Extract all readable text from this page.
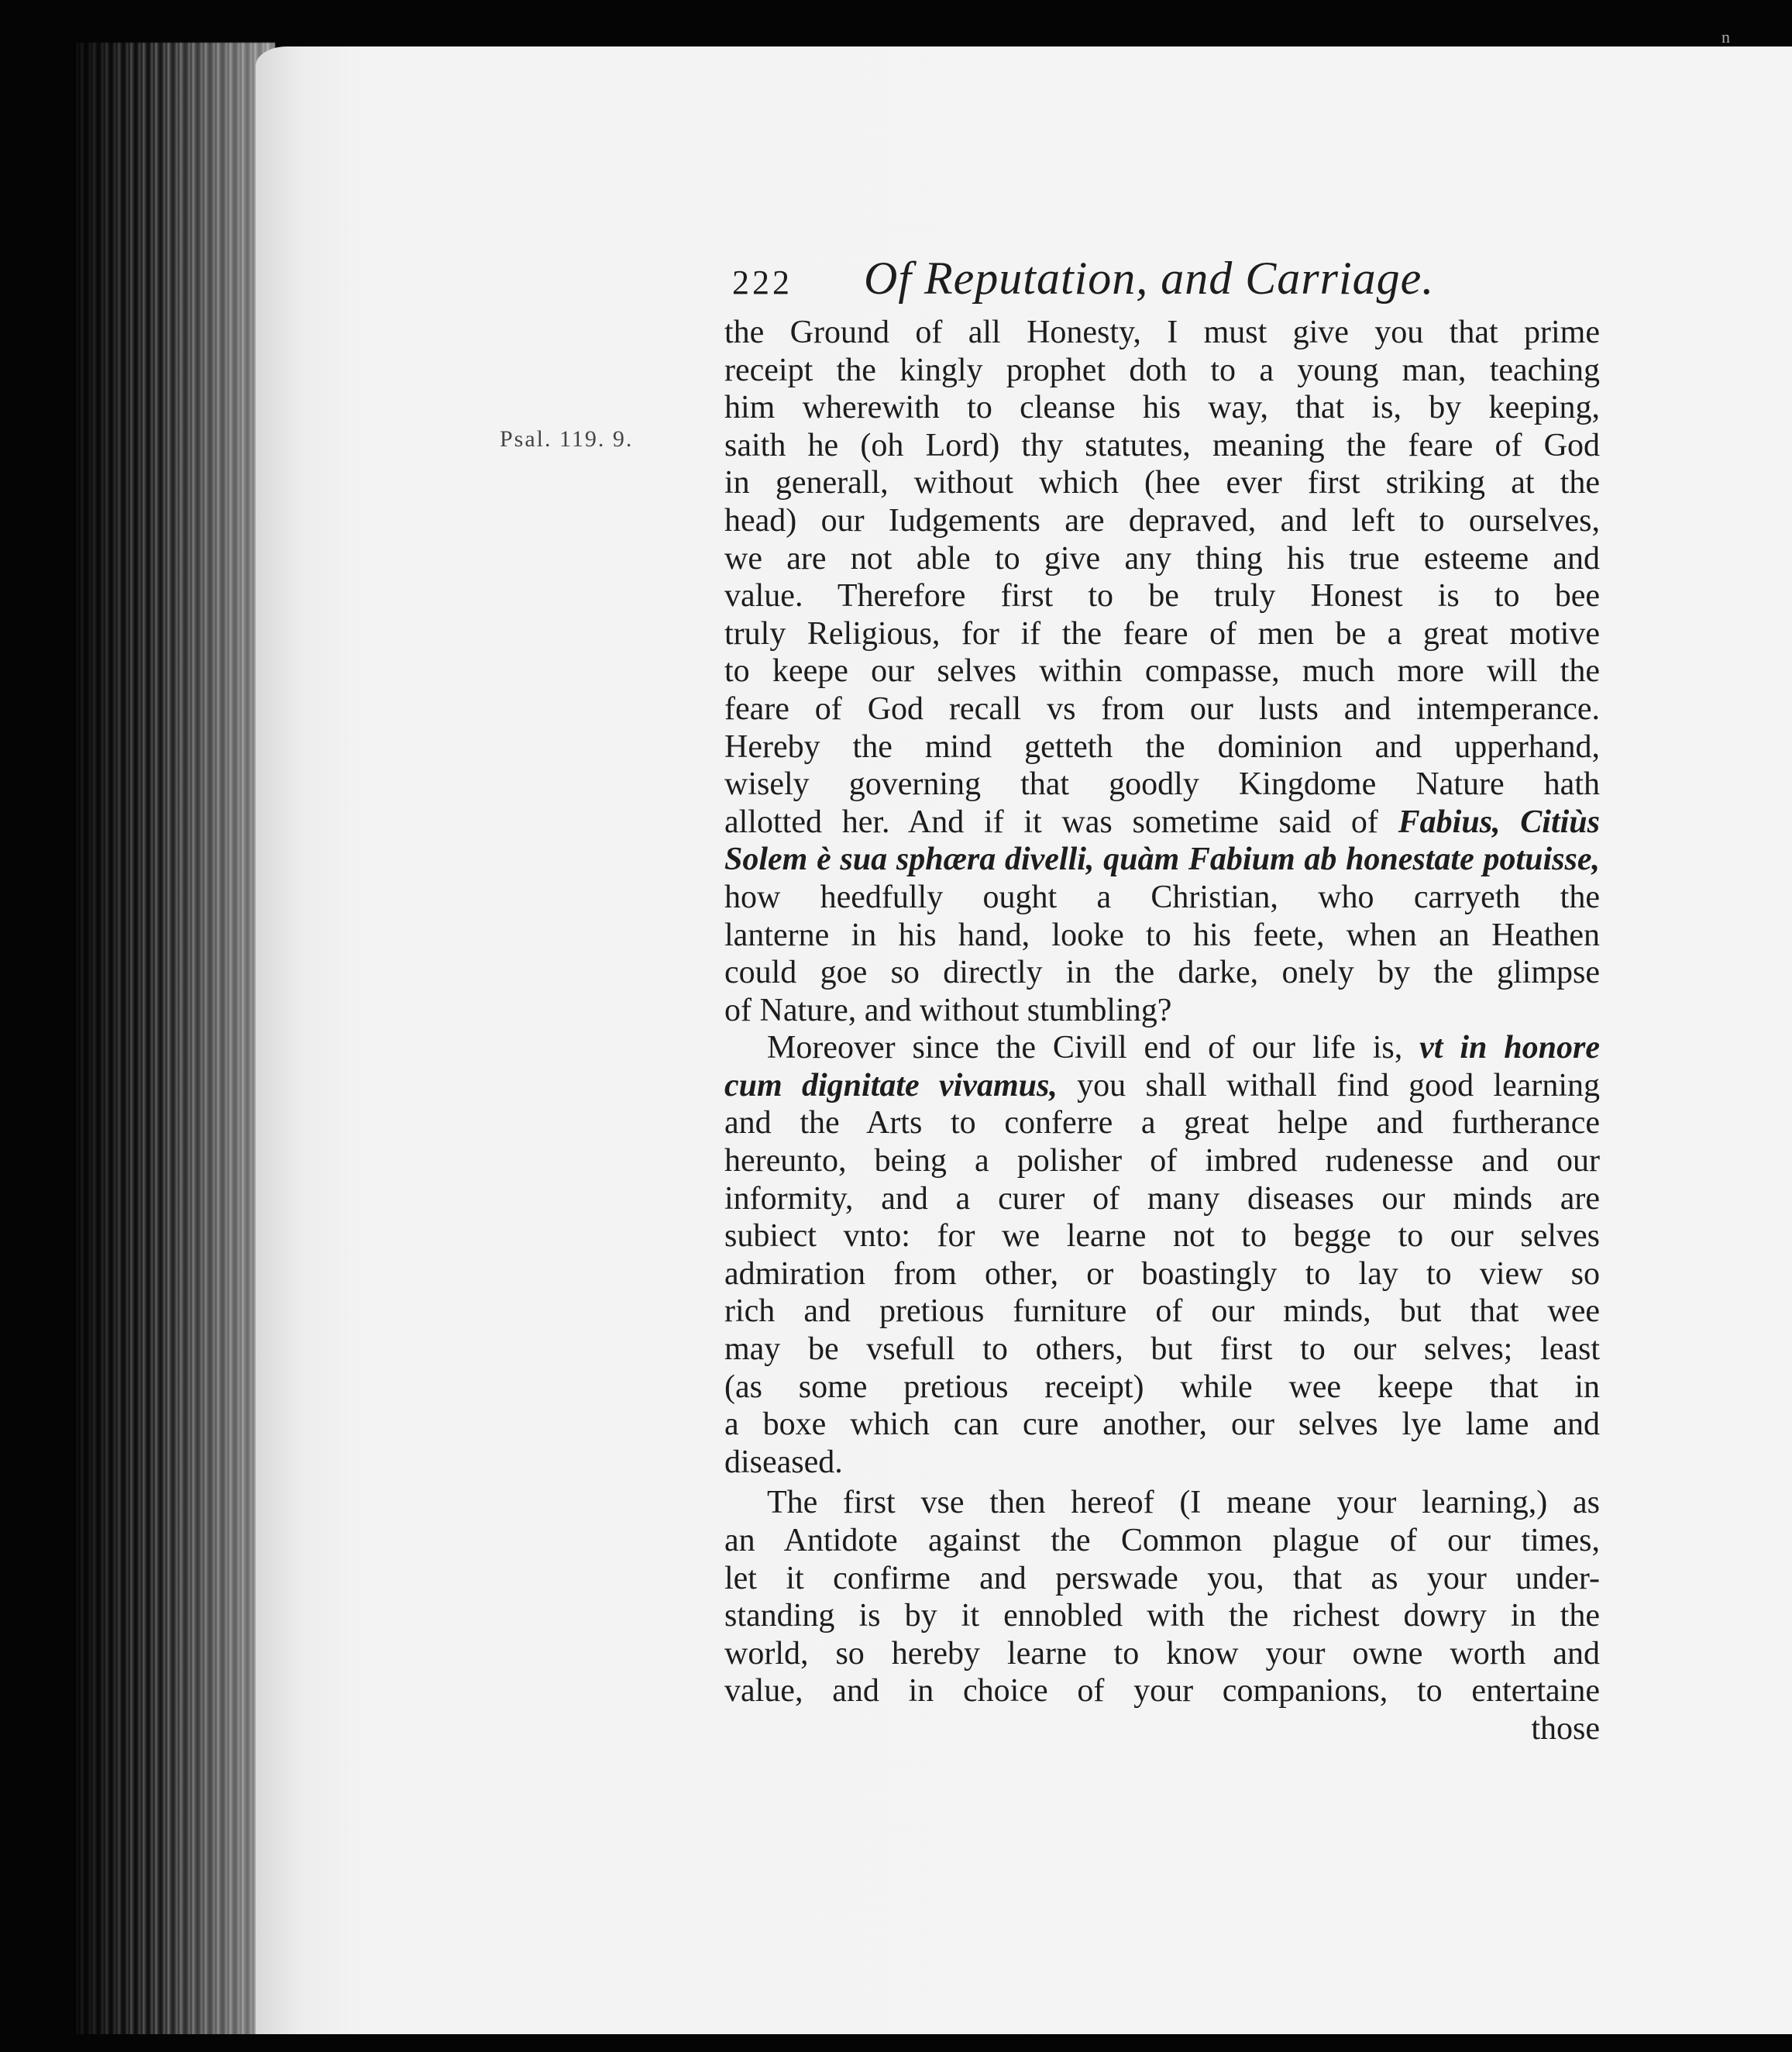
n
Psal. 119. 9.
222	Of Reputation, and Carriage.
the Ground of all Honesty, I must give you that prime
receipt the kingly prophet doth to a young man, teaching
him wherewith to cleanse his way, that is, by keeping,
saith he (oh Lord) thy statutes, meaning the feare of God
in generall, without which (hee ever first striking at the
head) our Iudgements are depraved, and left to ourselves,
we are not able to give any thing his true esteeme and
value. Therefore first to be truly Honest is to bee
truly Religious, for if the feare of men be a great motive
to keepe our selves within compasse, much more will the
feare of God recall vs from our lusts and intemperance.
Hereby the mind getteth the dominion and upperhand,
wisely governing that goodly Kingdome Nature hath
allotted her. And if it was sometime said of Fabius, Citiùs
Solem è sua sphæra divelli, quàm Fabium ab honestate potuisse,
how heedfully ought a Christian, who carryeth the
lanterne in his hand, looke to his feete, when an Heathen
could goe so directly in the darke, onely by the glimpse
of Nature, and without stumbling?
Moreover since the Civill end of our life is, vt in honore
cum dignitate vivamus, you shall withall find good learning
and the Arts to conferre a great helpe and furtherance
hereunto, being a polisher of imbred rudenesse and our
informity, and a curer of many diseases our minds are
subiect vnto: for we learne not to begge to our selves
admiration from other, or boastingly to lay to view so
rich and pretious furniture of our minds, but that wee
may be vsefull to others, but first to our selves; least
(as some pretious receipt) while wee keepe that in
a boxe which can cure another, our selves lye lame and
diseased.
The first vse then hereof (I meane your learning,) as
an Antidote against the Common plague of our times,
let it confirme and perswade you, that as your under-
standing is by it ennobled with the richest dowry in the
world, so hereby learne to know your owne worth and
value, and in choice of your companions, to entertaine
those
